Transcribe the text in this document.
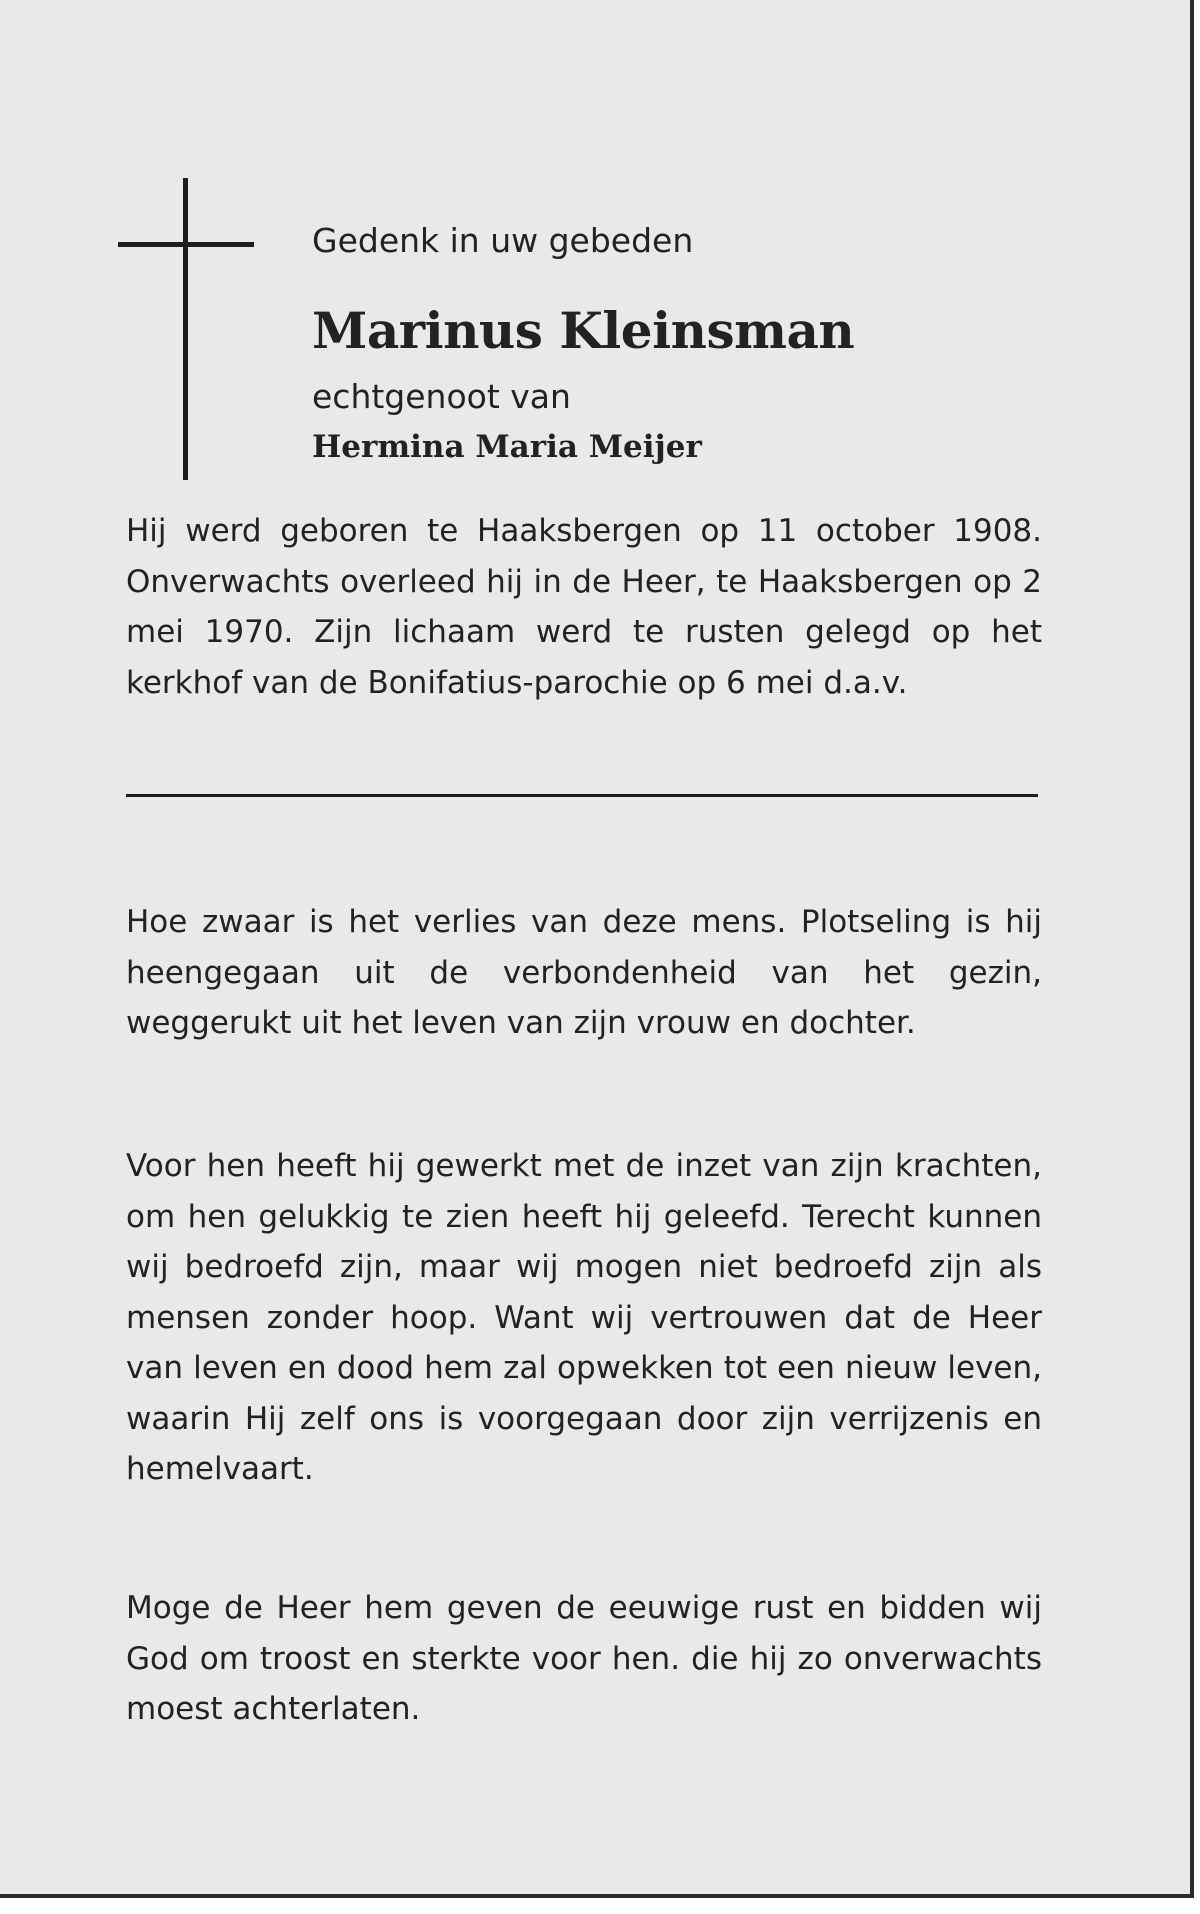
Gedenk in uw gebeden
Marinus Kleinsman
echtgenoot van
Hermina Maria Meijer

Hij werd geboren te Haaksbergen op 11 october 1908. Onverwachts overleed hij in de Heer, te Haaksbergen op 2 mei 1970. Zijn lichaam werd te rusten gelegd op het kerkhof van de Bonifatius-parochie op 6 mei d.a.v.

Hoe zwaar is het verlies van deze mens. Plotseling is hij heengegaan uit de verbondenheid van het gezin, weggerukt uit het leven van zijn vrouw en dochter.

Voor hen heeft hij gewerkt met de inzet van zijn krachten, om hen gelukkig te zien heeft hij geleefd. Terecht kunnen wij bedroefd zijn, maar wij mogen niet bedroefd zijn als mensen zonder hoop. Want wij vertrouwen dat de Heer van leven en dood hem zal opwekken tot een nieuw leven, waarin Hij zelf ons is voorgegaan door zijn verrijzenis en hemelvaart.

Moge de Heer hem geven de eeuwige rust en bidden wij God om troost en sterkte voor hen. die hij zo onverwachts moest achterlaten.
